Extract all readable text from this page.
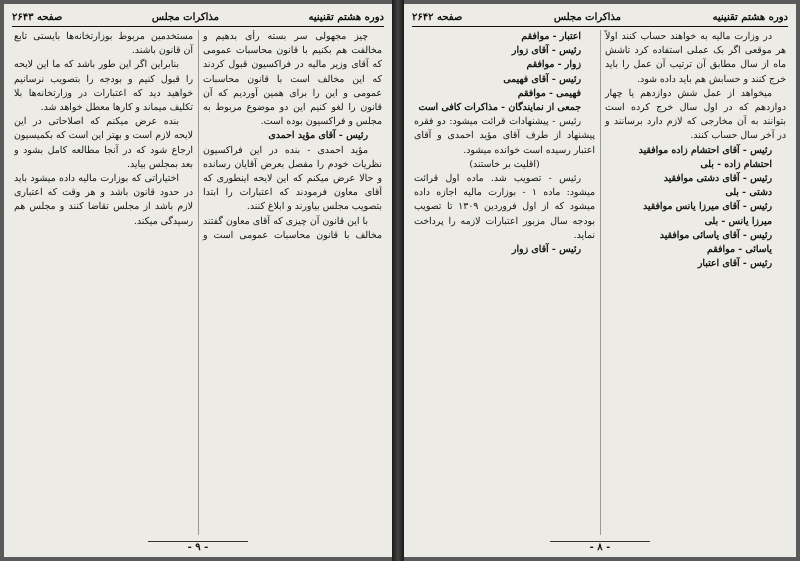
صفحه ۲۶۴۳	مذاکرات مجلس	دوره هشتم تقنینیه

چیز مجهولی سر بسته رأی بدهیم و مخالفت هم بکنیم با قانون محاسبات عمومی که آقای وزیر مالیه در فراکسیون قبول کردند که این مخالف است با قانون محاسبات عمومی و این را برای همین آوردیم که آن قانون را لغو کنیم این دو موضوع مربوط به مجلس و فراکسیون بوده است.

رئیس - آقای مؤید احمدی

مؤید احمدی - بنده در این فراکسیون نظریات خودم را مفصل بعرض آقایان رسانده و حالا عرض میکنم که این لایحه اینطوری که آقای معاون فرمودند که اعتبارات را ابتدا بتصویب مجلس بیاورند و ابلاغ کنند.

با این قانون آن چیزی که آقای معاون گفتند مخالف با قانون محاسبات عمومی است و مستخدمین مربوط بوزارتخانه‌ها بایستی تابع آن قانون باشند.

بنابراین اگر این طور باشد که ما این لایحه را قبول کنیم و بودجه را بتصویب نرسانیم خواهید دید که اعتبارات در وزارتخانه‌ها بلا تکلیف میماند و کارها معطل خواهد شد.

بنده عرض میکنم که اصلاحاتی در این لایحه لازم است و بهتر این است که بکمیسیون ارجاع شود که در آنجا مطالعه کامل بشود و بعد بمجلس بیاید.

اختیاراتی که بوزارت مالیه داده میشود باید در حدود قانون باشد و هر وقت که اعتباری لازم باشد از مجلس تقاضا کنند و مجلس هم رسیدگی میکند.

- ۹ -
صفحه ۲۶۴۲	مذاکرات مجلس	دوره هشتم تقنینیه

در وزارت مالیه به خواهند حساب کنند اولاً هر موقعی اگر بک عملی استفاده کرد تاشش ماه از سال مطابق آن ترتیب آن عمل را باید خرج کنند و حسابش هم باید داده شود.

میخواهد از عمل شش دوازدهم یا چهار دوازدهم که در اول سال خرج کرده است بتوانند به آن مخارجی که لازم دارد برسانند و در آخر سال حساب کنند.

رئیس - آقای احتشام زاده موافقید

احتشام زاده - بلی

رئیس - آقای دشتی موافقید

دشتی - بلی

رئیس - آقای میرزا یانس موافقید

میرزا یانس - بلی

رئیس - آقای یاسائی موافقید

یاسائی - موافقم

رئیس - آقای اعتبار

اعتبار - موافقم

رئیس - آقای زوار

زوار - موافقم

رئیس - آقای فهیمی

فهیمی - موافقم

جمعی از نمایندگان - مذاکرات کافی است

رئیس - پیشنهادات قرائت میشود: دو فقره پیشنهاد از طرف آقای مؤید احمدی و آقای اعتبار رسیده است خوانده میشود.

(اقلیت بر خاستند)

رئیس - تصویب شد. ماده اول قرائت میشود: ماده ۱ - بوزارت مالیه اجازه داده میشود که از اول فروردین ۱۳۰۹ تا تصویب بودجه سال مزبور اعتبارات لازمه را پرداخت نماید.

رئیس - آقای زوار

- ۸ -
